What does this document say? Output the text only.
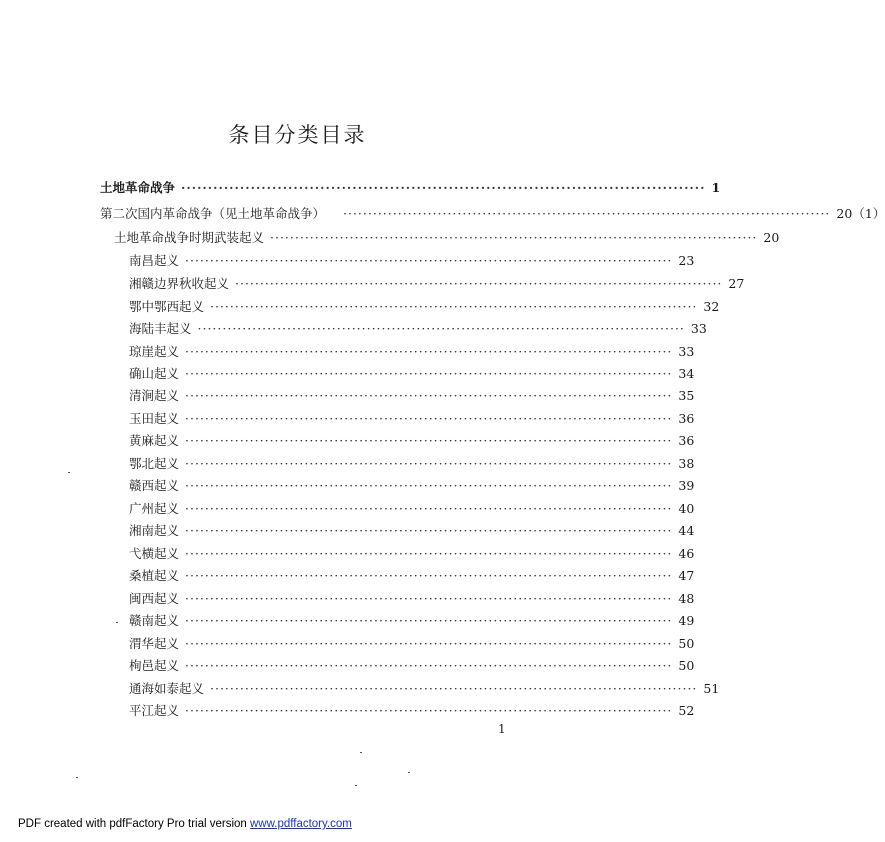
条目分类目录
土地革命战争 ·································································································· 1
第二次国内革命战争（见土地革命战争） ·································································································· 20（1）
土地革命战争时期武装起义 ·································································································· 20
南昌起义 ·································································································· 23
湘赣边界秋收起义 ·································································································· 27
鄂中鄂西起义 ·································································································· 32
海陆丰起义 ·································································································· 33
琼崖起义 ·································································································· 33
确山起义 ·································································································· 34
清涧起义 ·································································································· 35
玉田起义 ·································································································· 36
黄麻起义 ·································································································· 36
鄂北起义 ·································································································· 38
赣西起义 ·································································································· 39
广州起义 ·································································································· 40
湘南起义 ·································································································· 44
弋横起义 ·································································································· 46
桑植起义 ·································································································· 47
闽西起义 ·································································································· 48
赣南起义 ·································································································· 49
渭华起义 ·································································································· 50
栒邑起义 ·································································································· 50
通海如泰起义 ·································································································· 51
平江起义 ·································································································· 52
1
PDF created with pdfFactory Pro trial version www.pdffactory.com
